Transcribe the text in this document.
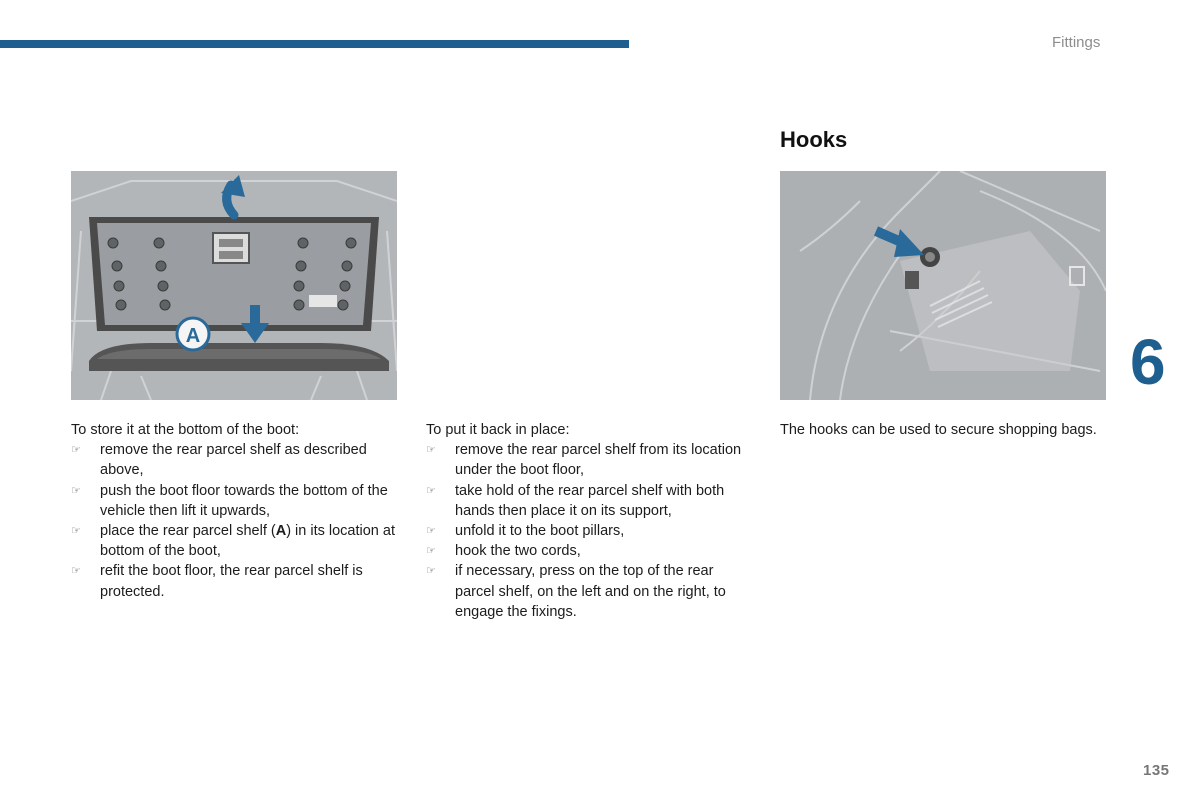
Fittings
6
135
Hooks
A

To store it at the bottom of the boot:

☞ remove the rear parcel shelf as described above,
☞ push the boot floor towards the bottom of the vehicle then lift it upwards,
☞ place the rear parcel shelf (A) in its location at bottom of the boot,
☞ refit the boot floor, the rear parcel shelf is protected.

To put it back in place:

☞ remove the rear parcel shelf from its location under the boot floor,
☞ take hold of the rear parcel shelf with both hands then place it on its support,
☞ unfold it to the boot pillars,
☞ hook the two cords,
☞ if necessary, press on the top of the rear parcel shelf, on the left and on the right, to engage the fixings.

The hooks can be used to secure shopping bags.
